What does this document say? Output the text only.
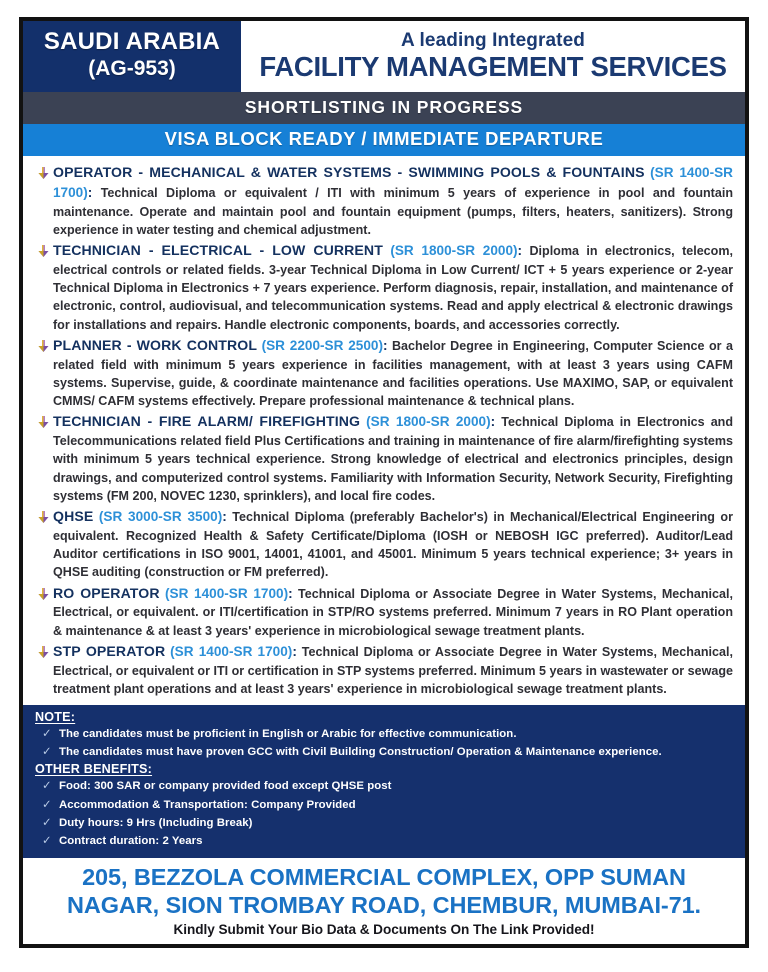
SAUDI ARABIA
(AG-953)
A leading Integrated
FACILITY MANAGEMENT SERVICES
SHORTLISTING IN PROGRESS
VISA BLOCK READY / IMMEDIATE DEPARTURE
OPERATOR - MECHANICAL & WATER SYSTEMS - SWIMMING POOLS & FOUNTAINS (SR 1400-SR 1700): Technical Diploma or equivalent / ITI with minimum 5 years of experience in pool and fountain maintenance. Operate and maintain pool and fountain equipment (pumps, filters, heaters, sanitizers). Strong experience in water testing and chemical adjustment.
TECHNICIAN - ELECTRICAL - LOW CURRENT (SR 1800-SR 2000): Diploma in electronics, telecom, electrical controls or related fields. 3-year Technical Diploma in Low Current/ ICT + 5 years experience or 2-year Technical Diploma in Electronics + 7 years experience. Perform diagnosis, repair, installation, and maintenance of electronic, control, audiovisual, and telecommunication systems. Read and apply electrical & electronic drawings for installations and repairs. Handle electronic components, boards, and accessories correctly.
PLANNER - WORK CONTROL (SR 2200-SR 2500): Bachelor Degree in Engineering, Computer Science or a related field with minimum 5 years experience in facilities management, with at least 3 years using CAFM systems. Supervise, guide, & coordinate maintenance and facilities operations. Use MAXIMO, SAP, or equivalent CMMS/ CAFM systems effectively. Prepare professional maintenance & technical plans.
TECHNICIAN - FIRE ALARM/ FIREFIGHTING (SR 1800-SR 2000): Technical Diploma in Electronics and Telecommunications related field Plus Certifications and training in maintenance of fire alarm/firefighting systems with minimum 5 years technical experience. Strong knowledge of electrical and electronics principles, design drawings, and computerized control systems. Familiarity with Information Security, Network Security, Firefighting systems (FM 200, NOVEC 1230, sprinklers), and local fire codes.
QHSE (SR 3000-SR 3500): Technical Diploma (preferably Bachelor's) in Mechanical/Electrical Engineering or equivalent. Recognized Health & Safety Certificate/Diploma (IOSH or NEBOSH IGC preferred). Auditor/Lead Auditor certifications in ISO 9001, 14001, 41001, and 45001. Minimum 5 years technical experience; 3+ years in QHSE auditing (construction or FM preferred).
RO OPERATOR (SR 1400-SR 1700): Technical Diploma or Associate Degree in Water Systems, Mechanical, Electrical, or equivalent. or ITI/certification in STP/RO systems preferred. Minimum 7 years in RO Plant operation & maintenance & at least 3 years' experience in microbiological sewage treatment plants.
STP OPERATOR (SR 1400-SR 1700): Technical Diploma or Associate Degree in Water Systems, Mechanical, Electrical, or equivalent or ITI or certification in STP systems preferred. Minimum 5 years in wastewater or sewage treatment plant operations and at least 3 years' experience in microbiological sewage treatment plants.
NOTE:
✓ The candidates must be proficient in English or Arabic for effective communication.
✓ The candidates must have proven GCC with Civil Building Construction/ Operation & Maintenance experience.
OTHER BENEFITS:
✓ Food: 300 SAR or company provided food except QHSE post
✓ Accommodation & Transportation: Company Provided
✓ Duty hours: 9 Hrs (Including Break)
✓ Contract duration: 2 Years
205, BEZZOLA COMMERCIAL COMPLEX, OPP SUMAN
NAGAR, SION TROMBAY ROAD, CHEMBUR, MUMBAI-71.
Kindly Submit Your Bio Data & Documents On The Link Provided!
